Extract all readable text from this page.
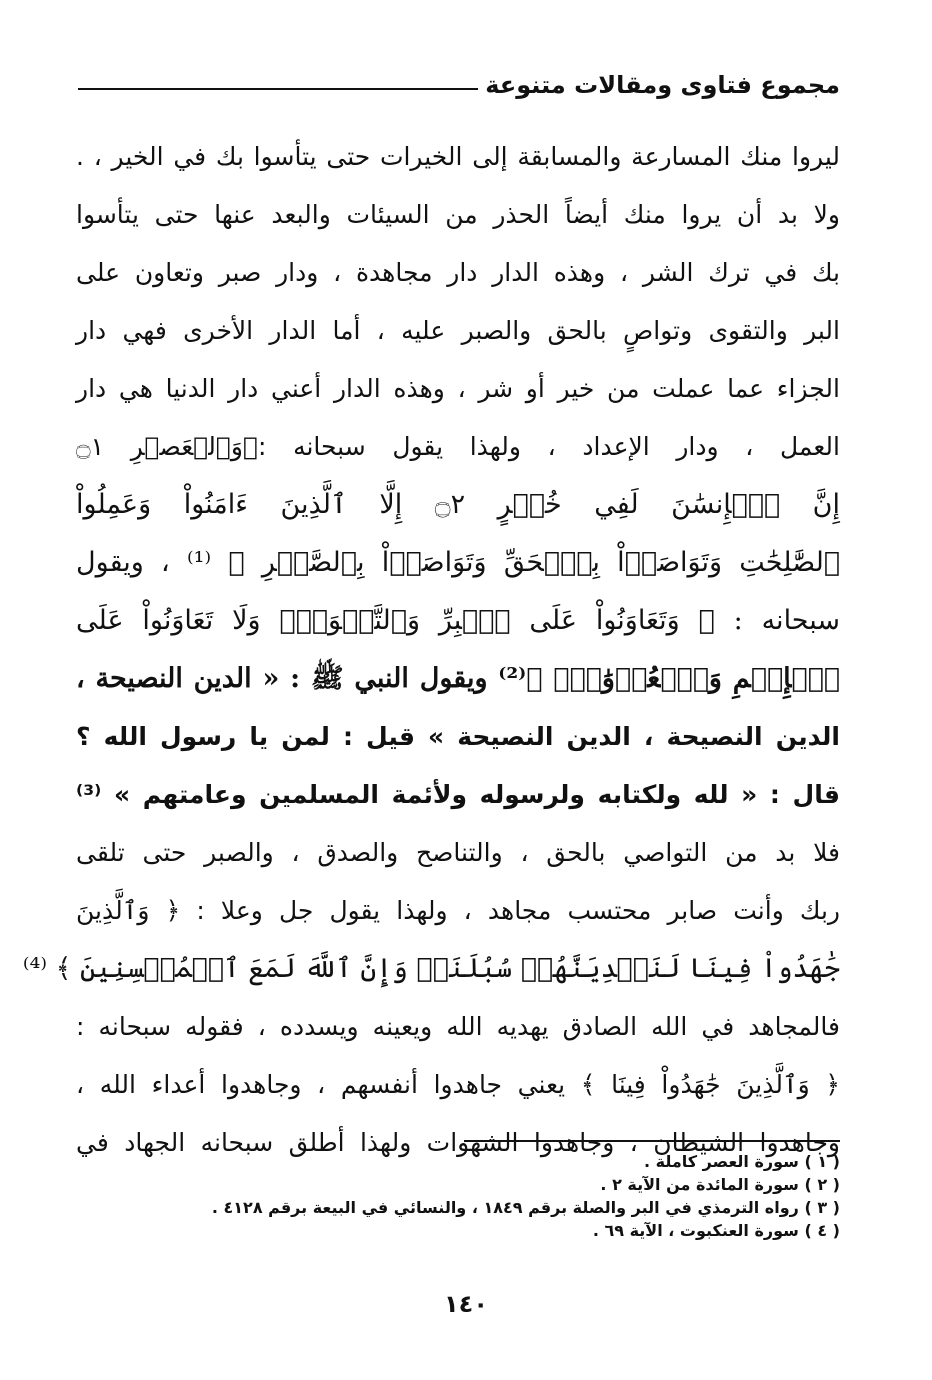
مجموع فتاوى ومقالات متنوعة
ليروا منك المسارعة والمسابقة إلى الخيرات حتى يتأسوا بك في الخير ، .
ولا بد أن يروا منك أيضاً الحذر من السيئات والبعد عنها حتى يتأسوا
بك في ترك الشر ، وهذه الدار دار مجاهدة ، ودار صبر وتعاون على
البر والتقوى وتواصٍ بالحق والصبر عليه ، أما الدار الأخرى فهي دار
الجزاء عما عملت من خير أو شر ، وهذه الدار أعني دار الدنيا هي دار
العمل ، ودار الإعداد ، ولهذا يقول سبحانه :﴿وَٱلۡعَصۡرِ ۝١
إِنَّ ٱلۡإِنسَٰنَ لَفِي خُسۡرٍ ۝٢ إِلَّا ٱلَّذِينَ ءَامَنُواْ وَعَمِلُواْ
ٱلصَّٰلِحَٰتِ وَتَوَاصَوۡاْ بِٱلۡحَقِّ وَتَوَاصَوۡاْ بِٱلصَّبۡرِ ﴾ ⁽¹⁾ ، ويقول
سبحانه : ﴿ وَتَعَاوَنُواْ عَلَى ٱلۡبِرِّ وَٱلتَّقۡوَىٰۖ وَلَا تَعَاوَنُواْ عَلَى
ٱلۡإِثۡمِ وَٱلۡعُدۡوَٰنِۚ ﴾⁽²⁾ ويقول النبي ﷺ : « الدين النصيحة ،
الدين النصيحة ، الدين النصيحة » قيل : لمن يا رسول الله ؟
قال : « لله ولكتابه ولرسوله ولأئمة المسلمين وعامتهم » ⁽³⁾
فلا بد من التواصي بالحق ، والتناصح والصدق ، والصبر حتى تلقى
ربك وأنت صابر محتسب مجاهد ، ولهذا يقول جل وعلا : ﴿ وَٱلَّذِينَ
جَٰهَدُواْ فِينَا لَنَهۡدِيَنَّهُمۡ سُبُلَنَاۚ وَإِنَّ ٱللَّهَ لَمَعَ ٱلۡمُحۡسِنِينَ ﴾ ⁽⁴⁾
فالمجاهد في الله الصادق يهديه الله ويعينه ويسدده ، فقوله سبحانه :
﴿ وَٱلَّذِينَ جَٰهَدُواْ فِينَا ﴾ يعني جاهدوا أنفسهم ، وجاهدوا أعداء الله ،
وجاهدوا الشيطان ، وجاهدوا الشهوات ولهذا أطلق سبحانه الجهاد في
( ١ ) سورة العصر كاملة .
( ٢ ) سورة المائدة من الآية ٢ .
( ٣ ) رواه الترمذي في البر والصلة برقم ١٨٤٩ ، والنسائي في البيعة برقم ٤١٢٨ .
( ٤ ) سورة العنكبوت ، الآية ٦٩ .
١٤٠
